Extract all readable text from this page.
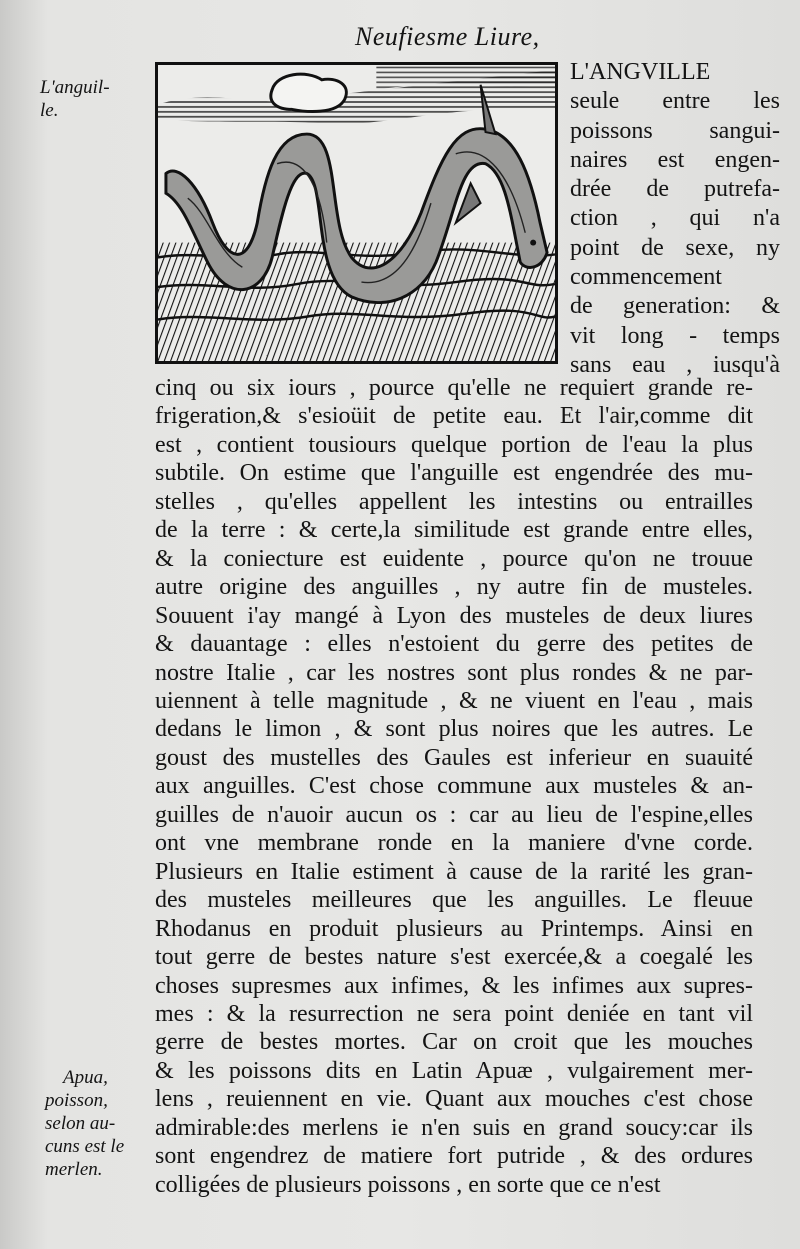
Neufiesme Liure,
L'anguil-
le.
L'ANGVILLE
seule entre les
poissons sangui-
naires est engen-
drée de putrefa-
ction , qui n'a
point de sexe, ny
commencement
de generation: &
vit long - temps
sans eau , iusqu'à
cinq ou six iours , pource qu'elle ne requiert grande re-
frigeration,& s'esioüit de petite eau. Et l'air,comme dit
est , contient tousiours quelque portion de l'eau la plus
subtile. On estime que l'anguille est engendrée des mu-
stelles , qu'elles appellent les intestins ou entrailles
de la terre : & certe,la similitude est grande entre elles,
& la coniecture est euidente , pource qu'on ne trouue
autre origine des anguilles , ny autre fin de musteles.
Souuent i'ay mangé à Lyon des musteles de deux liures
& dauantage : elles n'estoient du gerre des petites de
nostre Italie , car les nostres sont plus rondes & ne par-
uiennent à telle magnitude , & ne viuent en l'eau , mais
dedans le limon , & sont plus noires que les autres. Le
goust des mustelles des Gaules est inferieur en suauité
aux anguilles. C'est chose commune aux musteles & an-
guilles de n'auoir aucun os : car au lieu de l'espine,elles
ont vne membrane ronde en la maniere d'vne corde.
Plusieurs en Italie estiment à cause de la rarité les gran-
des musteles meilleures que les anguilles. Le fleuue
Rhodanus en produit plusieurs au Printemps. Ainsi en
tout gerre de bestes nature s'est exercée,& a coegalé les
choses supresmes aux infimes, & les infimes aux supres-
mes : & la resurrection ne sera point deniée en tant vil
gerre de bestes mortes. Car on croit que les mouches
& les poissons dits en Latin Apuæ , vulgairement mer-
lens , reuiennent en vie. Quant aux mouches c'est chose
admirable:des merlens ie n'en suis en grand soucy:car ils
sont engendrez de matiere fort putride , & des ordures
colligées de plusieurs poissons , en sorte que ce n'est
Apua,
poisson,
selon au-
cuns est le
merlen.
